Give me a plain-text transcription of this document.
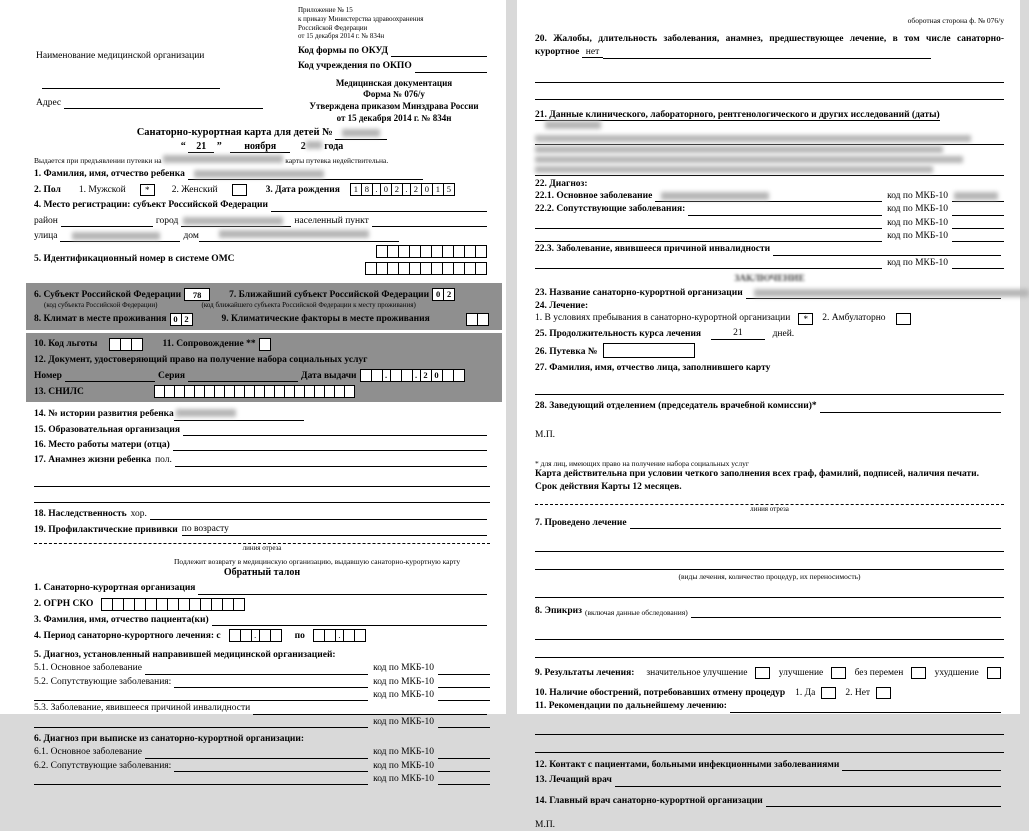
Наименование медицинской организации
Адрес
Приложение № 15
к приказу Министерства здравоохранения
Российской Федерации
от 15 декабря 2014 г. № 834н
Код формы по ОКУД
Код учреждения по ОКПО
Медицинская документация
Форма № 076/у
Утверждена приказом Минздрава России
от 15 декабря 2014 г. № 834н
Санаторно-курортная карта для детей №
“ 21 ” ноября 2 года
Выдается при предъявлении путевки на	карты путевка недействительна.
1. Фамилия, имя, отчество ребенка
2. Пол 1. Мужской	*	2. Женский	3. Дата рождения	1 8 . 0 2 . 2 0 1 5
4. Место регистрации: субъект Российской Федерации
район	город	населенный пункт
улица	дом
5. Идентификационный номер в системе ОМС

6. Субъект Российской Федерации	78	7. Ближайший субъект Российской Федерации 0 2
(код субъекта Российской Федерации)	(код ближайшего субъекта Российской Федерации к месту проживания)
8. Климат в месте проживания 0 2	9. Климатические факторы в месте проживания
10. Код льготы	11. Сопровождение **
12. Документ, удостоверяющий право на получение набора социальных услуг
Номер	Серия	Дата выдачи	.	. 2 0
13. СНИЛС
14. № истории развития ребенка
15. Образовательная организация
16. Место работы матери (отца)
17. Анамнез жизни ребенка пол.
18. Наследственность хор.
19. Профилактические прививки по возрасту
линия отреза
Подлежит возврату в медицинскую организацию, выдавшую санаторно-курортную карту
Обратный талон
1. Санаторно-курортная организация
2. ОГРН СКО
3. Фамилия, имя, отчество пациента(ки)
4. Период санаторно-курортного лечения: с	.	по	.
5. Диагноз, установленный направившей медицинской организацией:
5.1. Основное заболевание	код по МКБ-10
5.2. Сопутствующие заболевания:	код по МКБ-10
код по МКБ-10
5.3. Заболевание, явившееся причиной инвалидности
код по МКБ-10
6. Диагноз при выписке из санаторно-курортной организации:
6.1. Основное заболевание	код по МКБ-10
6.2. Сопутствующие заболевания:	код по МКБ-10
код по МКБ-10
оборотная сторона ф. № 076/у
20. Жалобы, длительность заболевания, анамнез, предшествующее лечение, в том числе санаторно-курортное нет
21. Данные клинического, лабораторного, рентгенологического и других исследований (даты)
22. Диагноз:
22.1. Основное заболевание	код по МКБ-10
22.2. Сопутствующие заболевания:	код по МКБ-10
код по МКБ-10
код по МКБ-10
22.3. Заболевание, явившееся причиной инвалидности
код по МКБ-10
ЗАКЛЮЧЕНИЕ
23. Название санаторно-курортной организации
24. Лечение:
1. В условиях пребывания в санаторно-курортной организации	*	2. Амбулаторно
25. Продолжительность курса лечения	21	дней.
26. Путевка №
27. Фамилия, имя, отчество лица, заполнившего карту
28. Заведующий отделением (председатель врачебной комиссии)*
М.П.
* для лиц, имеющих право на получение набора социальных услуг
Карта действительна при условии четкого заполнения всех граф, фамилий, подписей, наличия печати.
Срок действия Карты 12 месяцев.
линия отреза
7. Проведено лечение
(виды лечения, количество процедур, их переносимость)
8. Эпикриз (включая данные обследования)
9. Результаты лечения: значительное улучшение	улучшение	без перемен	ухудшение
10. Наличие обострений, потребовавших отмену процедур 1. Да	2. Нет
11. Рекомендации по дальнейшему лечению:
12. Контакт с пациентами, больными инфекционными заболеваниями
13. Лечащий врач
14. Главный врач санаторно-курортной организации
М.П.
